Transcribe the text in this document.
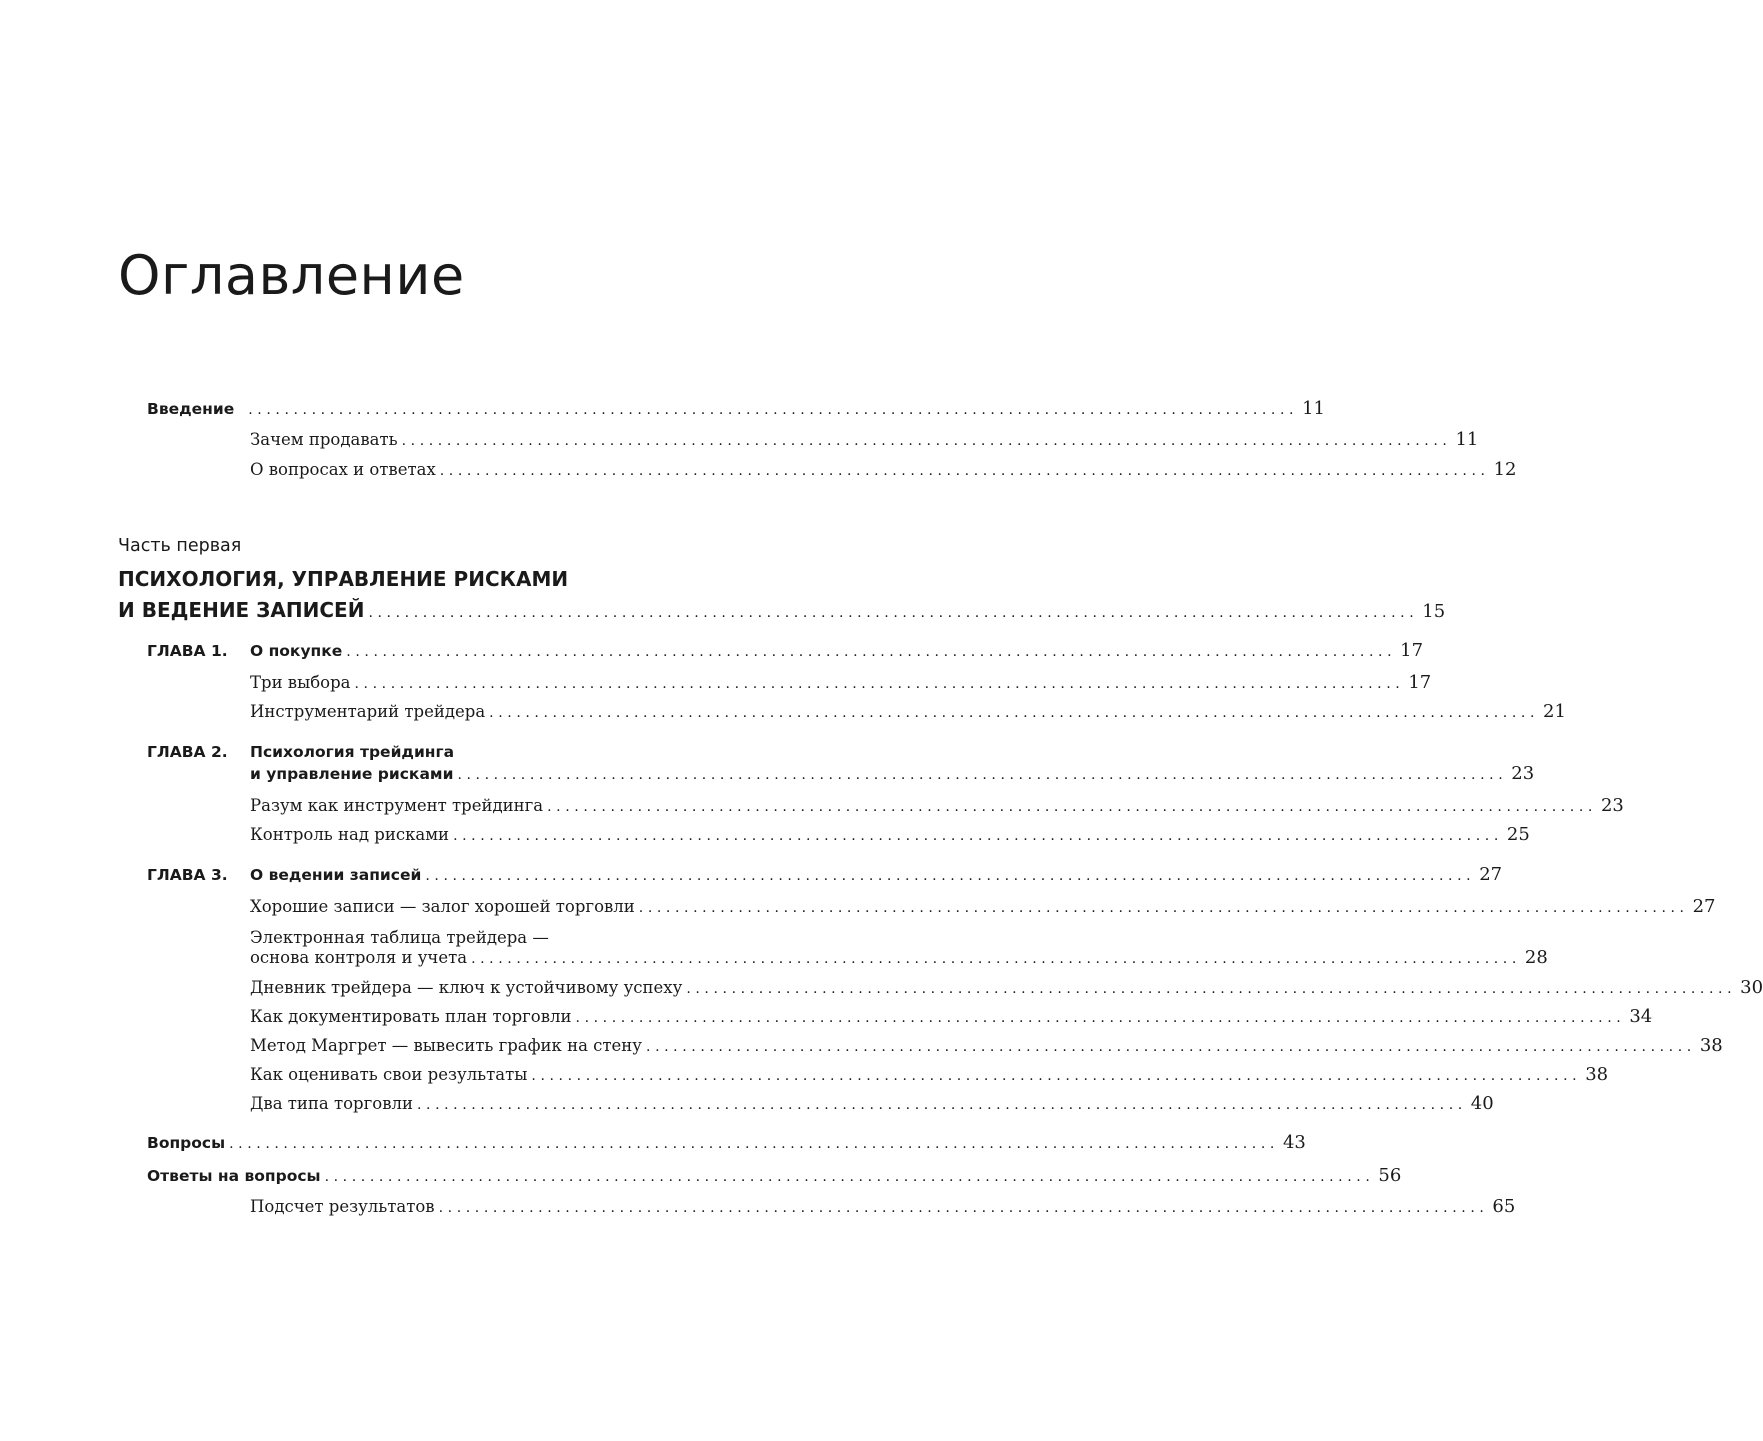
Оглавление
Введение .................................................................................................................... 11
Зачем продавать .................................................................................................................... 11
О вопросах и ответах .................................................................................................................... 12
Часть первая
ПСИХОЛОГИЯ, УПРАВЛЕНИЕ РИСКАМИ
И ВЕДЕНИЕ ЗАПИСЕЙ .................................................................................................................... 15
ГЛАВА 1. О покупке .................................................................................................................... 17
Три выбора .................................................................................................................... 17
Инструментарий трейдера .................................................................................................................... 21
ГЛАВА 2. Психология трейдинга
и управление рисками .................................................................................................................... 23
Разум как инструмент трейдинга .................................................................................................................... 23
Контроль над рисками .................................................................................................................... 25
ГЛАВА 3. О ведении записей .................................................................................................................... 27
Хорошие записи — залог хорошей торговли .................................................................................................................... 27
Электронная таблица трейдера —
основа контроля и учета .................................................................................................................... 28
Дневник трейдера — ключ к устойчивому успеху .................................................................................................................... 30
Как документировать план торговли .................................................................................................................... 34
Метод Маргрет — вывесить график на стену .................................................................................................................... 38
Как оценивать свои результаты .................................................................................................................... 38
Два типа торговли .................................................................................................................... 40
Вопросы .................................................................................................................... 43
Ответы на вопросы .................................................................................................................... 56
Подсчет результатов .................................................................................................................... 65
